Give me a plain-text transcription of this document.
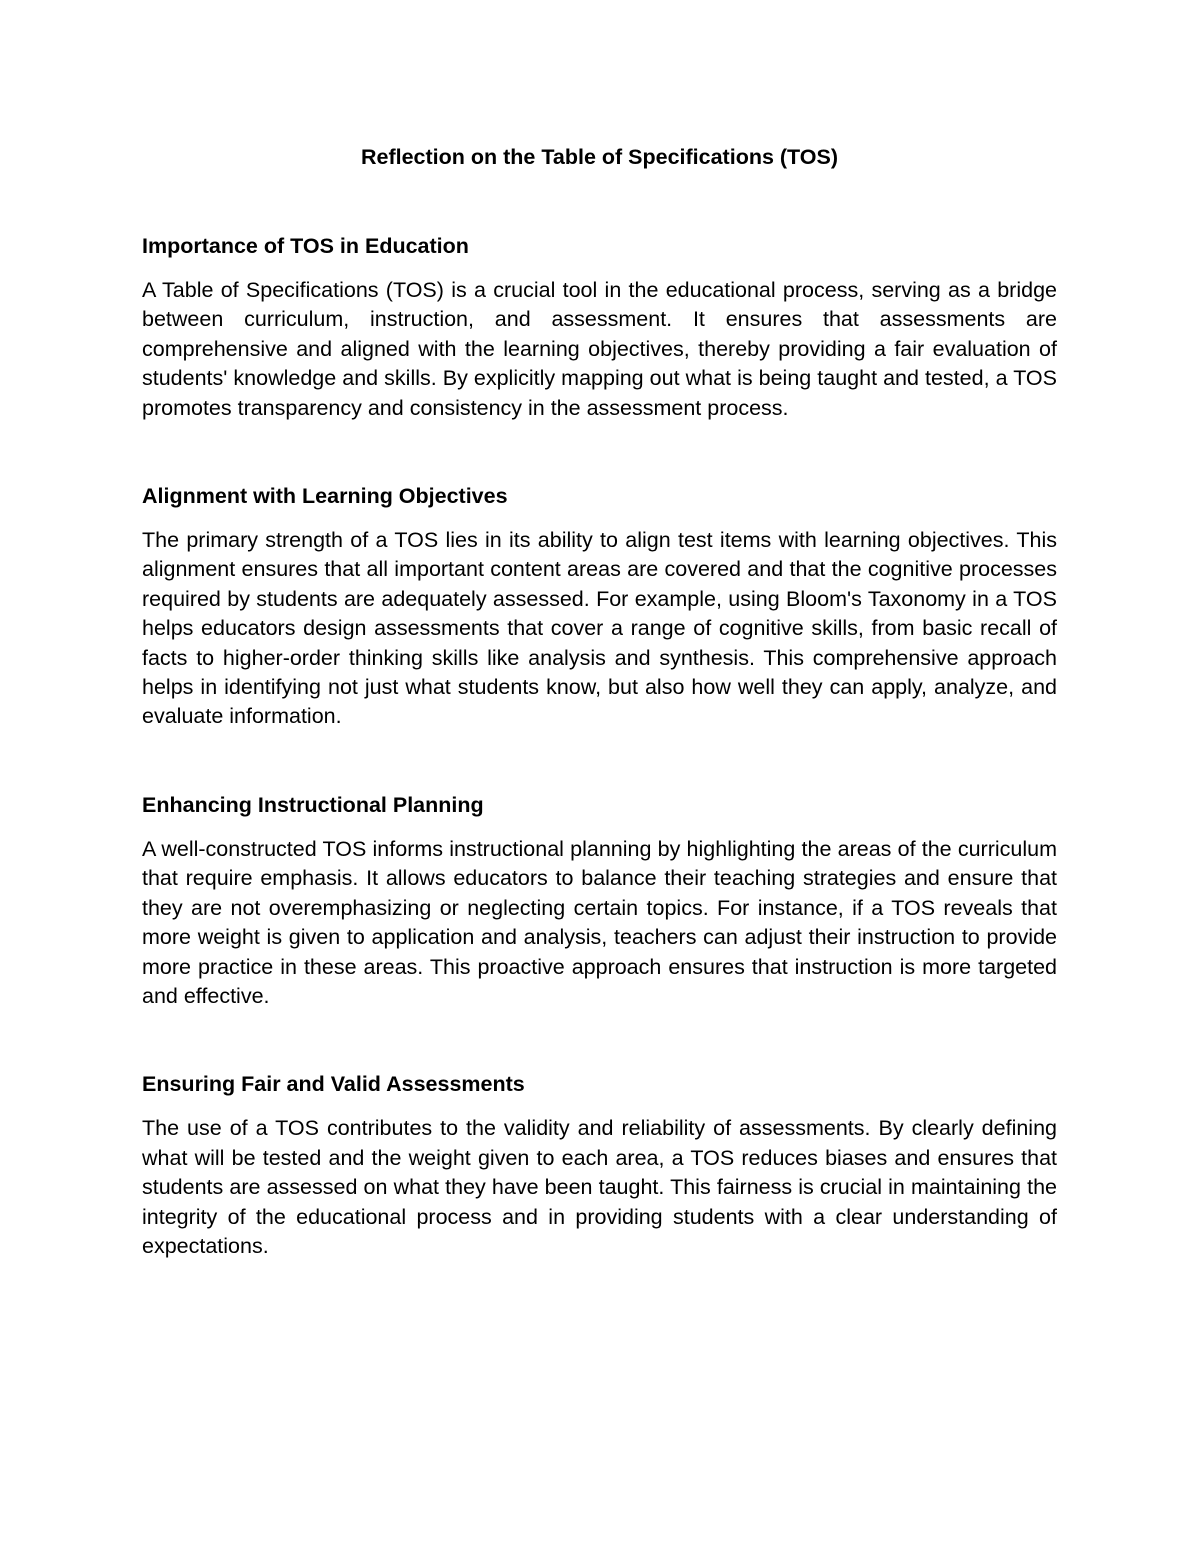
Reflection on the Table of Specifications (TOS)
Importance of TOS in Education

A Table of Specifications (TOS) is a crucial tool in the educational process, serving as a bridge between curriculum, instruction, and assessment. It ensures that assessments are comprehensive and aligned with the learning objectives, thereby providing a fair evaluation of students' knowledge and skills. By explicitly mapping out what is being taught and tested, a TOS promotes transparency and consistency in the assessment process.

Alignment with Learning Objectives

The primary strength of a TOS lies in its ability to align test items with learning objectives. This alignment ensures that all important content areas are covered and that the cognitive processes required by students are adequately assessed. For example, using Bloom's Taxonomy in a TOS helps educators design assessments that cover a range of cognitive skills, from basic recall of facts to higher-order thinking skills like analysis and synthesis. This comprehensive approach helps in identifying not just what students know, but also how well they can apply, analyze, and evaluate information.

Enhancing Instructional Planning

A well-constructed TOS informs instructional planning by highlighting the areas of the curriculum that require emphasis. It allows educators to balance their teaching strategies and ensure that they are not overemphasizing or neglecting certain topics. For instance, if a TOS reveals that more weight is given to application and analysis, teachers can adjust their instruction to provide more practice in these areas. This proactive approach ensures that instruction is more targeted and effective.

Ensuring Fair and Valid Assessments

The use of a TOS contributes to the validity and reliability of assessments. By clearly defining what will be tested and the weight given to each area, a TOS reduces biases and ensures that students are assessed on what they have been taught. This fairness is crucial in maintaining the integrity of the educational process and in providing students with a clear understanding of expectations.
